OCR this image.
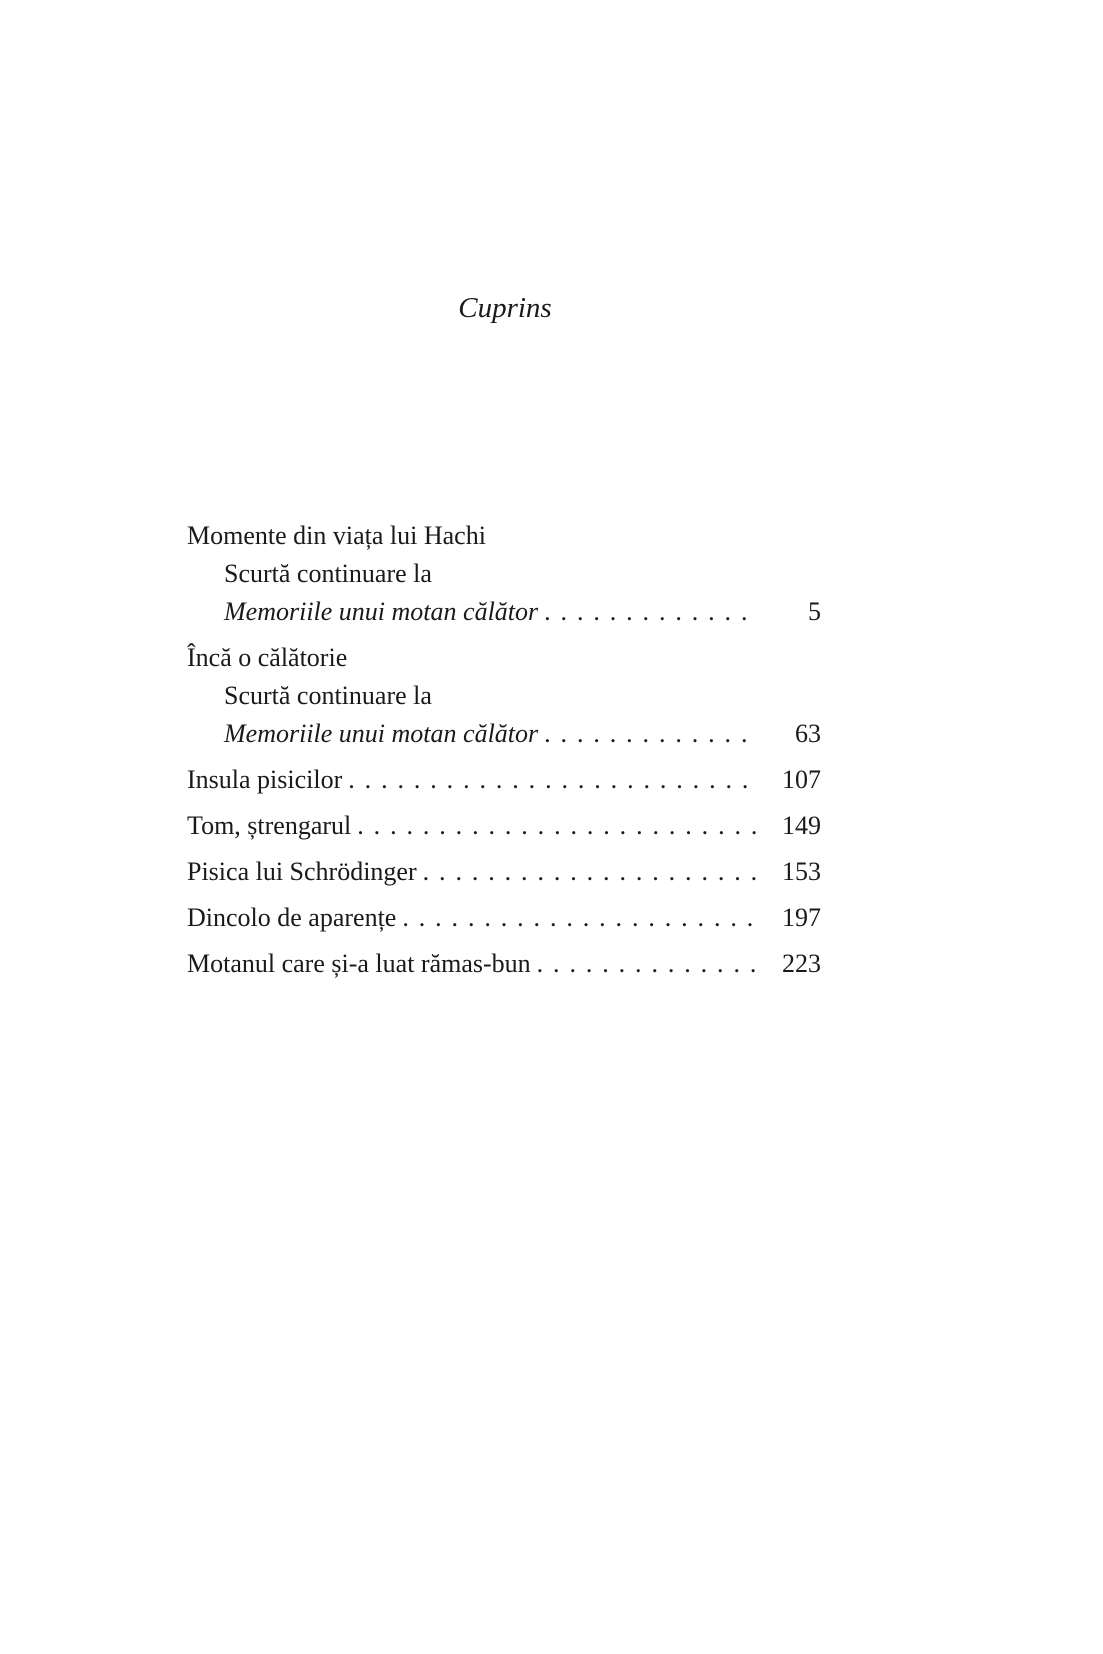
Cuprins
Momente din viața lui Hachi
Scurtă continuare la
Memoriile unui motan călător . . .	5
Încă o călătorie
Scurtă continuare la
Memoriile unui motan călător . . .	63
Insula pisicilor . . .	107
Tom, ștrengarul . . .	149
Pisica lui Schrödinger . . .	153
Dincolo de aparențe . . .	197
Motanul care și-a luat rămas-bun . . .	223
